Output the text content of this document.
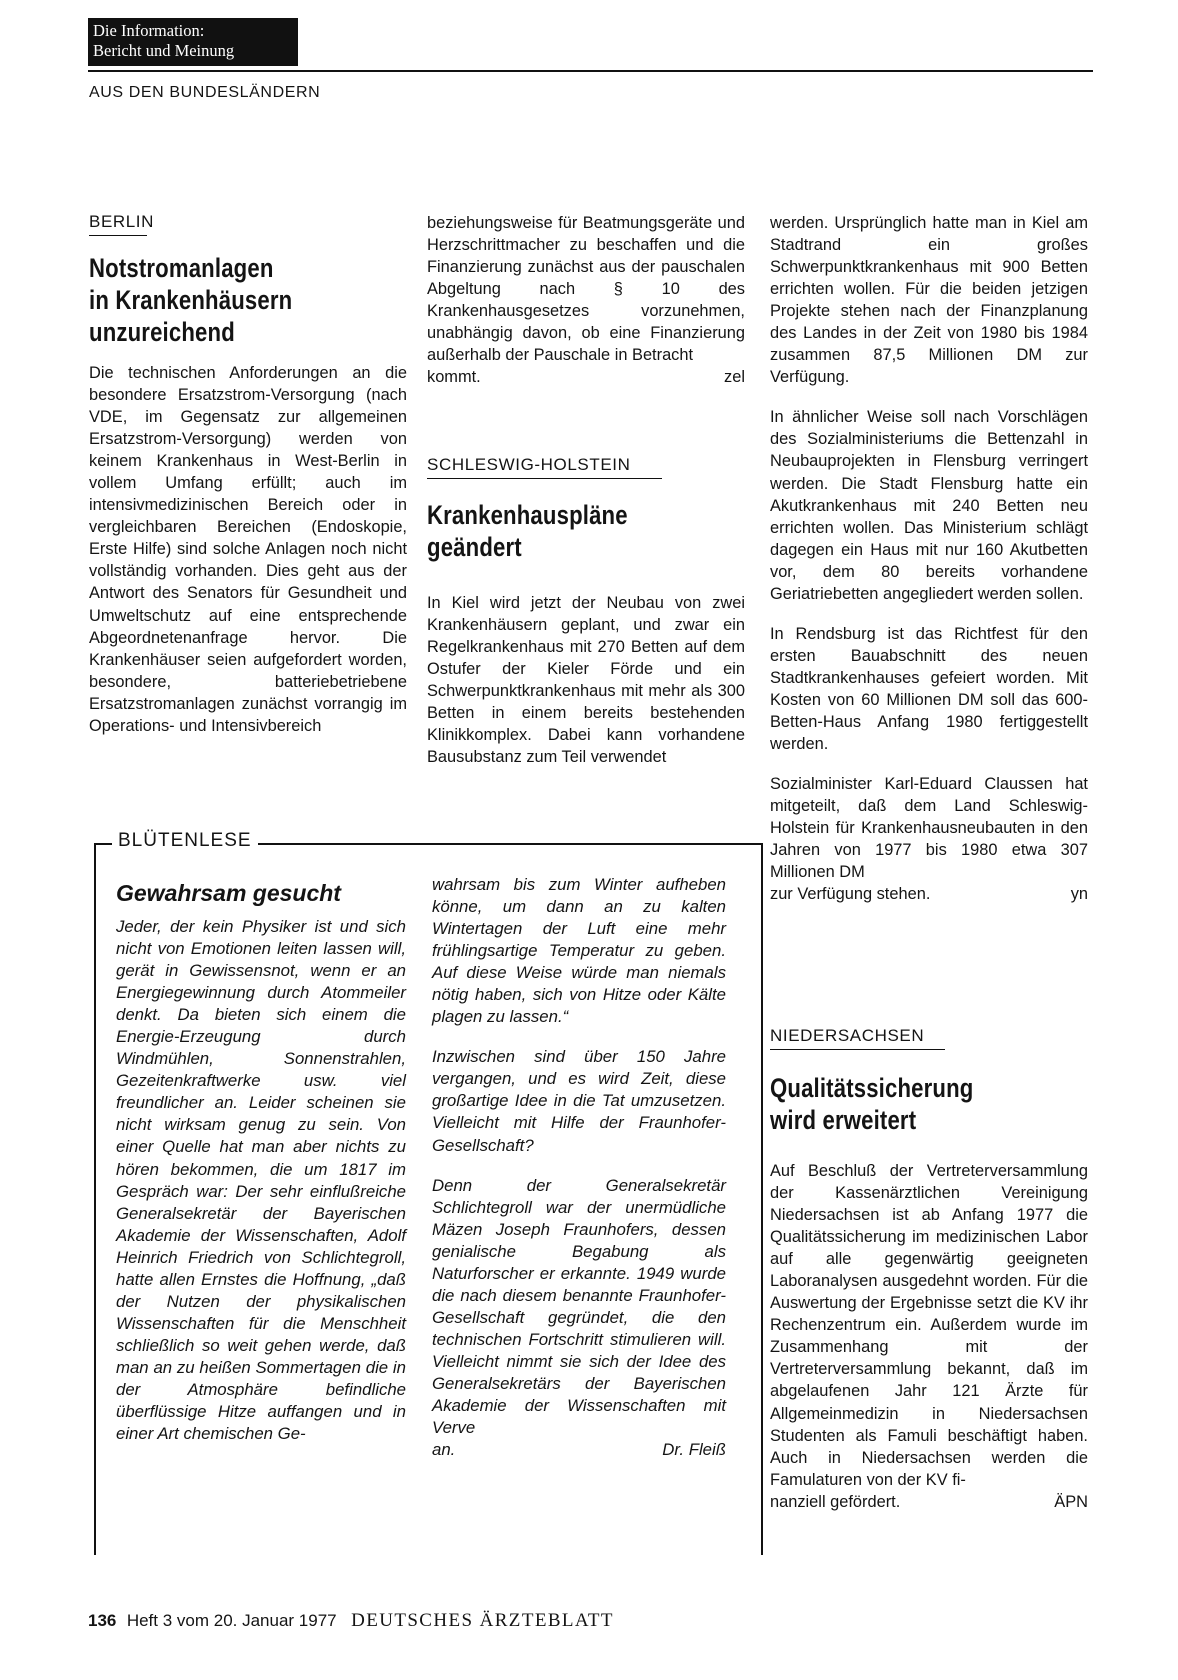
Die Information:
Bericht und Meinung
AUS DEN BUNDESLÄNDERN
BERLIN
Notstromanlagen
in Krankenhäusern
unzureichend
Die technischen Anforderungen an die besondere Ersatzstrom-Versorgung (nach VDE, im Gegensatz zur allgemeinen Ersatzstrom-Versorgung) werden von keinem Krankenhaus in West-Berlin in vollem Umfang erfüllt; auch im intensivmedizinischen Bereich oder in vergleichbaren Bereichen (Endoskopie, Erste Hilfe) sind solche Anlagen noch nicht vollständig vorhanden. Dies geht aus der Antwort des Senators für Gesundheit und Umweltschutz auf eine entsprechende Abgeordnetenanfrage hervor. Die Krankenhäuser seien aufgefordert worden, besondere, batteriebetriebene Ersatzstromanlagen zunächst vorrangig im Operations- und Intensivbereich
beziehungsweise für Beatmungsgeräte und Herzschrittmacher zu beschaffen und die Finanzierung zunächst aus der pauschalen Abgeltung nach § 10 des Krankenhausgesetzes vorzunehmen, unabhängig davon, ob eine Finanzierung außerhalb der Pauschale in Betracht
kommt.	zel
SCHLESWIG-HOLSTEIN
Krankenhauspläne
geändert
In Kiel wird jetzt der Neubau von zwei Krankenhäusern geplant, und zwar ein Regelkrankenhaus mit 270 Betten auf dem Ostufer der Kieler Förde und ein Schwerpunktkrankenhaus mit mehr als 300 Betten in einem bereits bestehenden Klinikkomplex. Dabei kann vorhandene Bausubstanz zum Teil verwendet

werden. Ursprünglich hatte man in Kiel am Stadtrand ein großes Schwerpunktkrankenhaus mit 900 Betten errichten wollen. Für die beiden jetzigen Projekte stehen nach der Finanzplanung des Landes in der Zeit von 1980 bis 1984 zusammen 87,5 Millionen DM zur Verfügung.

In ähnlicher Weise soll nach Vorschlägen des Sozialministeriums die Bettenzahl in Neubauprojekten in Flensburg verringert werden. Die Stadt Flensburg hatte ein Akutkrankenhaus mit 240 Betten neu errichten wollen. Das Ministerium schlägt dagegen ein Haus mit nur 160 Akutbetten vor, dem 80 bereits vorhandene Geriatriebetten angegliedert werden sollen.

In Rendsburg ist das Richtfest für den ersten Bauabschnitt des neuen Stadtkrankenhauses gefeiert worden. Mit Kosten von 60 Millionen DM soll das 600-Betten-Haus Anfang 1980 fertiggestellt werden.

Sozialminister Karl-Eduard Claussen hat mitgeteilt, daß dem Land Schleswig-Holstein für Krankenhausneubauten in den Jahren von 1977 bis 1980 etwa 307 Millionen DM
zur Verfügung stehen.	yn
NIEDERSACHSEN
Qualitätssicherung
wird erweitert
Auf Beschluß der Vertreterversammlung der Kassenärztlichen Vereinigung Niedersachsen ist ab Anfang 1977 die Qualitätssicherung im medizinischen Labor auf alle gegenwärtig geeigneten Laboranalysen ausgedehnt worden. Für die Auswertung der Ergebnisse setzt die KV ihr Rechenzentrum ein. Außerdem wurde im Zusammenhang mit der Vertreterversammlung bekannt, daß im abgelaufenen Jahr 121 Ärzte für Allgemeinmedizin in Niedersachsen Studenten als Famuli beschäftigt haben. Auch in Niedersachsen werden die Famulaturen von der KV fi-
nanziell gefördert.	ÄPN
BLÜTENLESE
Gewahrsam gesucht
Jeder, der kein Physiker ist und sich nicht von Emotionen leiten lassen will, gerät in Gewissensnot, wenn er an Energiegewinnung durch Atommeiler denkt. Da bieten sich einem die Energie-Erzeugung durch Windmühlen, Sonnenstrahlen, Gezeitenkraftwerke usw. viel freundlicher an. Leider scheinen sie nicht wirksam genug zu sein. Von einer Quelle hat man aber nichts zu hören bekommen, die um 1817 im Gespräch war: Der sehr einflußreiche Generalsekretär der Bayerischen Akademie der Wissenschaften, Adolf Heinrich Friedrich von Schlichtegroll, hatte allen Ernstes die Hoffnung, „daß der Nutzen der physikalischen Wissenschaften für die Menschheit schließlich so weit gehen werde, daß man an zu heißen Sommertagen die in der Atmosphäre befindliche überflüssige Hitze auffangen und in einer Art chemischen Ge-

wahrsam bis zum Winter aufheben könne, um dann an zu kalten Wintertagen der Luft eine mehr frühlingsartige Temperatur zu geben. Auf diese Weise würde man niemals nötig haben, sich von Hitze oder Kälte plagen zu lassen.“

Inzwischen sind über 150 Jahre vergangen, und es wird Zeit, diese großartige Idee in die Tat umzusetzen. Vielleicht mit Hilfe der Fraunhofer-Gesellschaft?

Denn der Generalsekretär Schlichtegroll war der unermüdliche Mäzen Joseph Fraunhofers, dessen genialische Begabung als Naturforscher er erkannte. 1949 wurde die nach diesem benannte Fraunhofer-Gesellschaft gegründet, die den technischen Fortschritt stimulieren will. Vielleicht nimmt sie sich der Idee des Generalsekretärs der Bayerischen Akademie der Wissenschaften mit Verve
an.	Dr. Fleiß
136 Heft 3 vom 20. Januar 1977 DEUTSCHES ÄRZTEBLATT
